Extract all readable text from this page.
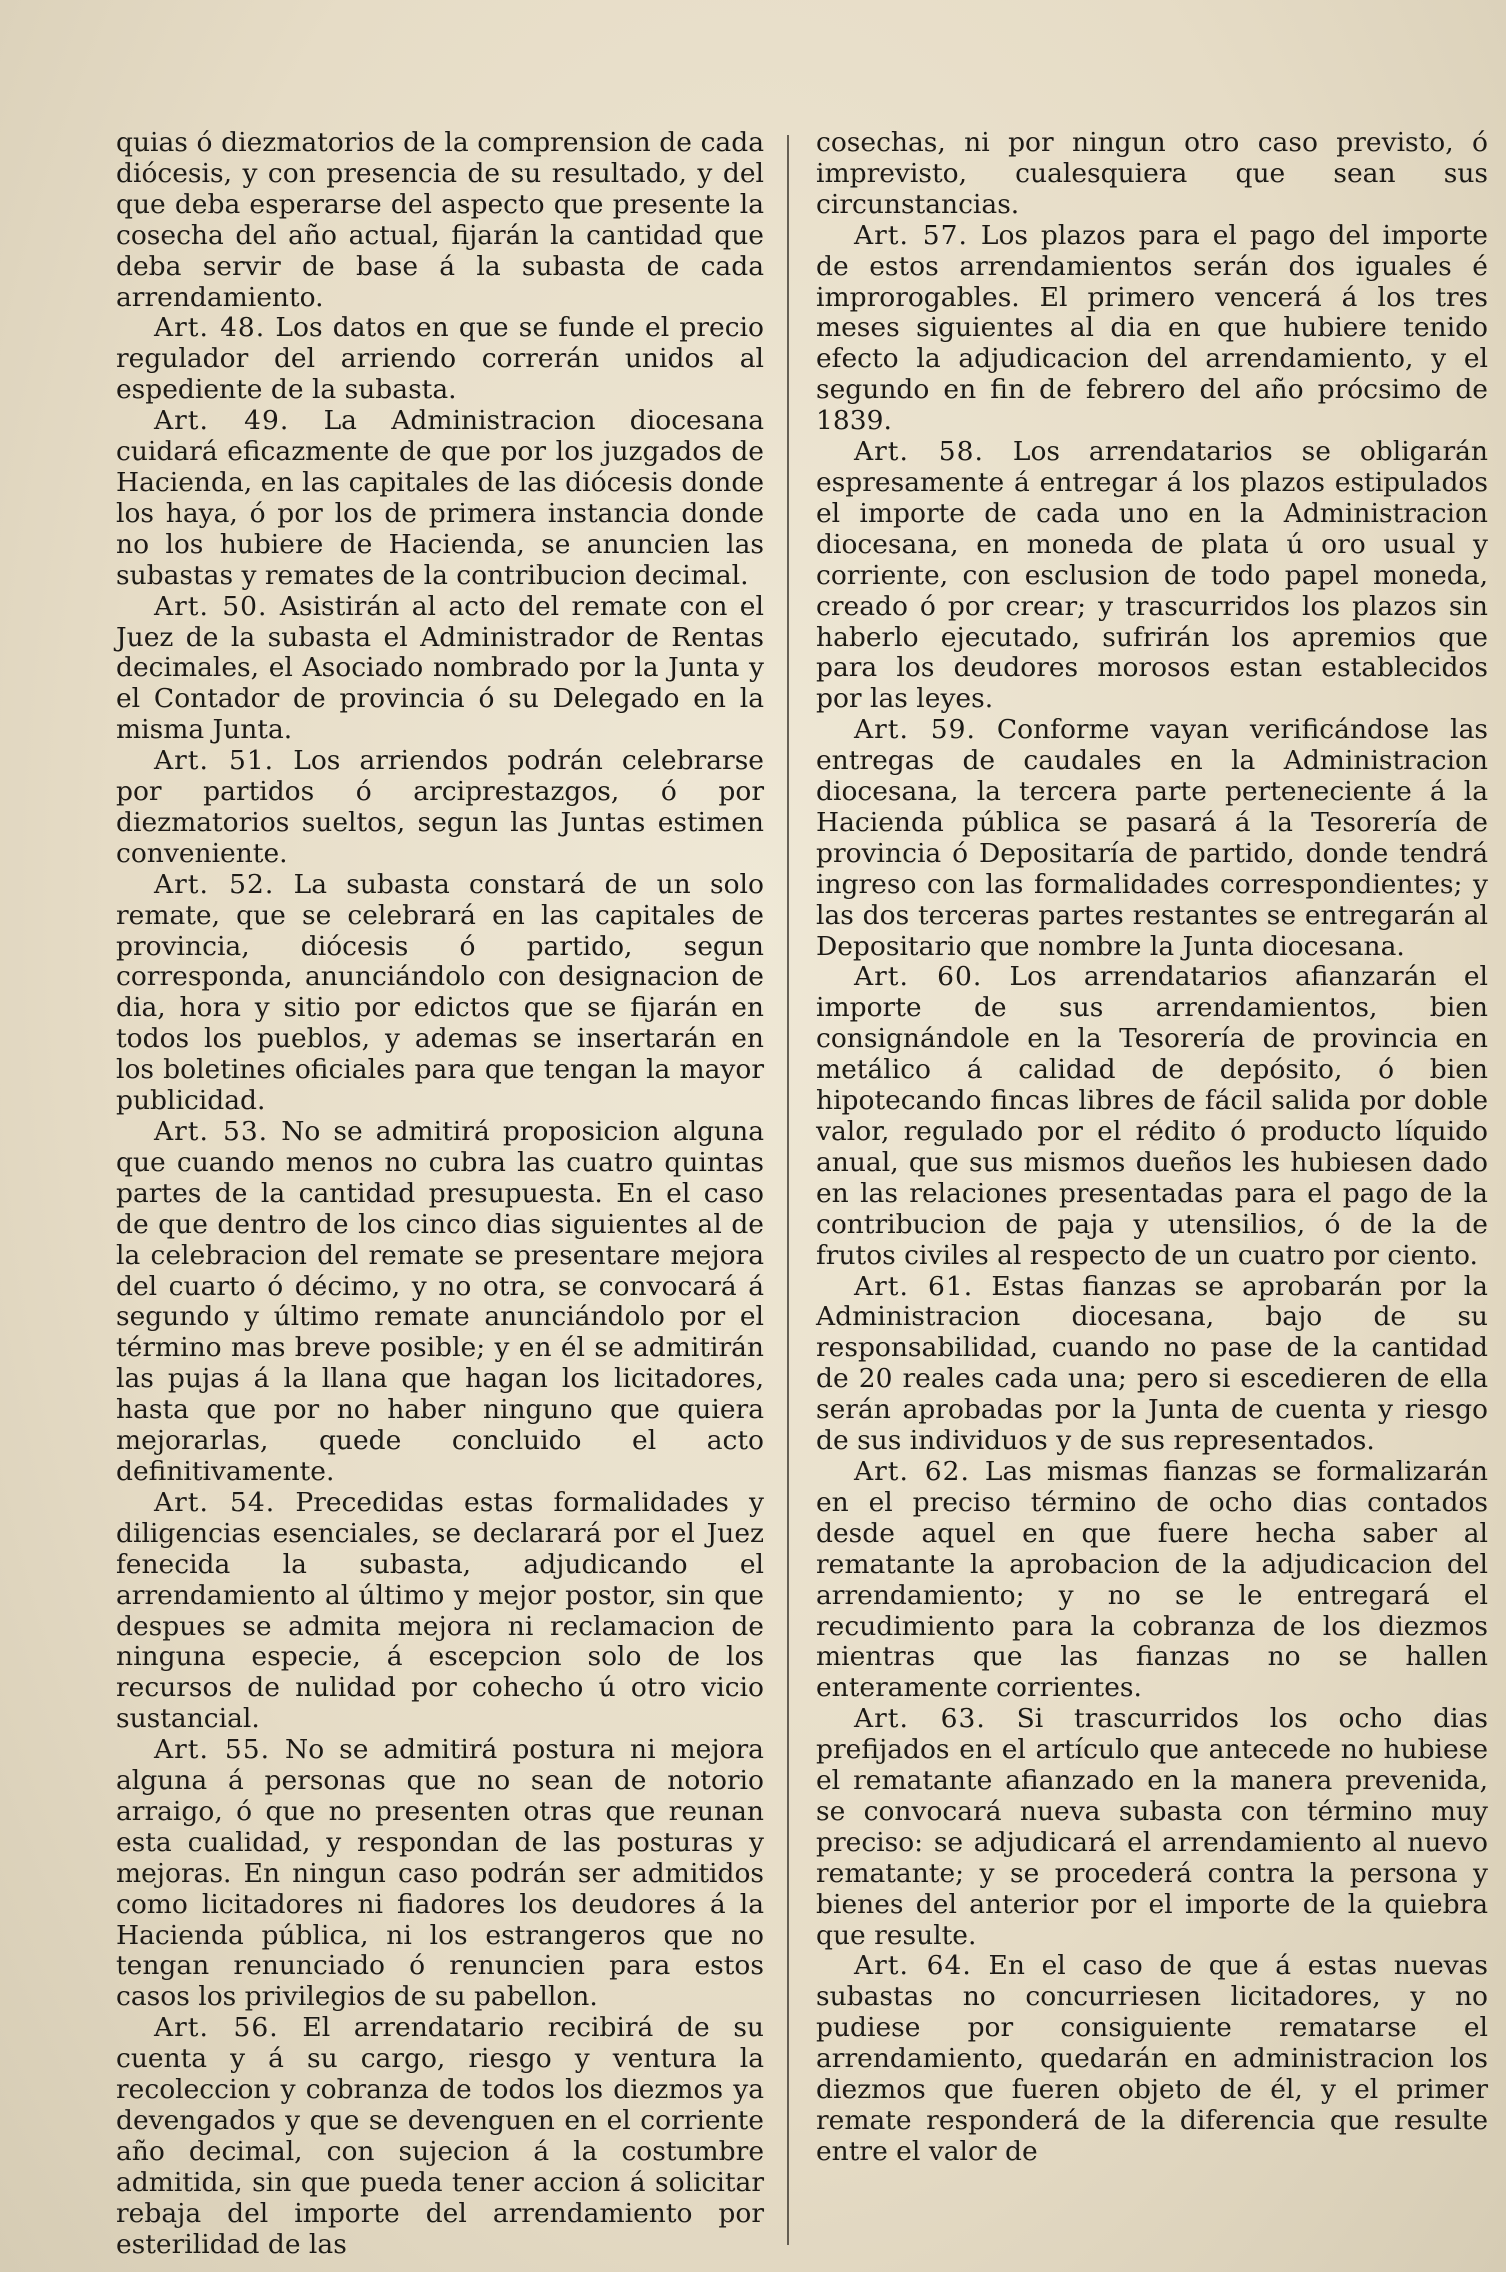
quias ó diezmatorios de la comprension de cada diócesis, y con presencia de su resultado, y del que deba esperarse del aspecto que presente la cosecha del año actual, fijarán la cantidad que deba servir de base á la subasta de cada arrendamiento.

Art. 48. Los datos en que se funde el precio regulador del arriendo correrán unidos al espediente de la subasta.

Art. 49. La Administracion diocesana cuidará eficazmente de que por los juzgados de Hacienda, en las capitales de las diócesis donde los haya, ó por los de primera instancia donde no los hubiere de Hacienda, se anuncien las subastas y remates de la contribucion decimal.

Art. 50. Asistirán al acto del remate con el Juez de la subasta el Administrador de Rentas decimales, el Asociado nombrado por la Junta y el Contador de provincia ó su Delegado en la misma Junta.

Art. 51. Los arriendos podrán celebrarse por partidos ó arciprestazgos, ó por diezmatorios sueltos, segun las Juntas estimen conveniente.

Art. 52. La subasta constará de un solo remate, que se celebrará en las capitales de provincia, diócesis ó partido, segun corresponda, anunciándolo con designacion de dia, hora y sitio por edictos que se fijarán en todos los pueblos, y ademas se insertarán en los boletines oficiales para que tengan la mayor publicidad.

Art. 53. No se admitirá proposicion alguna que cuando menos no cubra las cuatro quintas partes de la cantidad presupuesta. En el caso de que dentro de los cinco dias siguientes al de la celebracion del remate se presentare mejora del cuarto ó décimo, y no otra, se convocará á segundo y último remate anunciándolo por el término mas breve posible; y en él se admitirán las pujas á la llana que hagan los licitadores, hasta que por no haber ninguno que quiera mejorarlas, quede concluido el acto definitivamente.

Art. 54. Precedidas estas formalidades y diligencias esenciales, se declarará por el Juez fenecida la subasta, adjudicando el arrendamiento al último y mejor postor, sin que despues se admita mejora ni reclamacion de ninguna especie, á escepcion solo de los recursos de nulidad por cohecho ú otro vicio sustancial.

Art. 55. No se admitirá postura ni mejora alguna á personas que no sean de notorio arraigo, ó que no presenten otras que reunan esta cualidad, y respondan de las posturas y mejoras. En ningun caso podrán ser admitidos como licitadores ni fiadores los deudores á la Hacienda pública, ni los estrangeros que no tengan renunciado ó renuncien para estos casos los privilegios de su pabellon.

Art. 56. El arrendatario recibirá de su cuenta y á su cargo, riesgo y ventura la recoleccion y cobranza de todos los diezmos ya devengados y que se devenguen en el corriente año decimal, con sujecion á la costumbre admitida, sin que pueda tener accion á solicitar rebaja del importe del arrendamiento por esterilidad de las

cosechas, ni por ningun otro caso previsto, ó imprevisto, cualesquiera que sean sus circunstancias.

Art. 57. Los plazos para el pago del importe de estos arrendamientos serán dos iguales é improrogables. El primero vencerá á los tres meses siguientes al dia en que hubiere tenido efecto la adjudicacion del arrendamiento, y el segundo en fin de febrero del año prócsimo de 1839.

Art. 58. Los arrendatarios se obligarán espresamente á entregar á los plazos estipulados el importe de cada uno en la Administracion diocesana, en moneda de plata ú oro usual y corriente, con esclusion de todo papel moneda, creado ó por crear; y trascurridos los plazos sin haberlo ejecutado, sufrirán los apremios que para los deudores morosos estan establecidos por las leyes.

Art. 59. Conforme vayan verificándose las entregas de caudales en la Administracion diocesana, la tercera parte perteneciente á la Hacienda pública se pasará á la Tesorería de provincia ó Depositaría de partido, donde tendrá ingreso con las formalidades correspondientes; y las dos terceras partes restantes se entregarán al Depositario que nombre la Junta diocesana.

Art. 60. Los arrendatarios afianzarán el importe de sus arrendamientos, bien consignándole en la Tesorería de provincia en metálico á calidad de depósito, ó bien hipotecando fincas libres de fácil salida por doble valor, regulado por el rédito ó producto líquido anual, que sus mismos dueños les hubiesen dado en las relaciones presentadas para el pago de la contribucion de paja y utensilios, ó de la de frutos civiles al respecto de un cuatro por ciento.

Art. 61. Estas fianzas se aprobarán por la Administracion diocesana, bajo de su responsabilidad, cuando no pase de la cantidad de 20 reales cada una; pero si escedieren de ella serán aprobadas por la Junta de cuenta y riesgo de sus individuos y de sus representados.

Art. 62. Las mismas fianzas se formalizarán en el preciso término de ocho dias contados desde aquel en que fuere hecha saber al rematante la aprobacion de la adjudicacion del arrendamiento; y no se le entregará el recudimiento para la cobranza de los diezmos mientras que las fianzas no se hallen enteramente corrientes.

Art. 63. Si trascurridos los ocho dias prefijados en el artículo que antecede no hubiese el rematante afianzado en la manera prevenida, se convocará nueva subasta con término muy preciso: se adjudicará el arrendamiento al nuevo rematante; y se procederá contra la persona y bienes del anterior por el importe de la quiebra que resulte.

Art. 64. En el caso de que á estas nuevas subastas no concurriesen licitadores, y no pudiese por consiguiente rematarse el arrendamiento, quedarán en administracion los diezmos que fueren objeto de él, y el primer remate responderá de la diferencia que resulte entre el valor de
